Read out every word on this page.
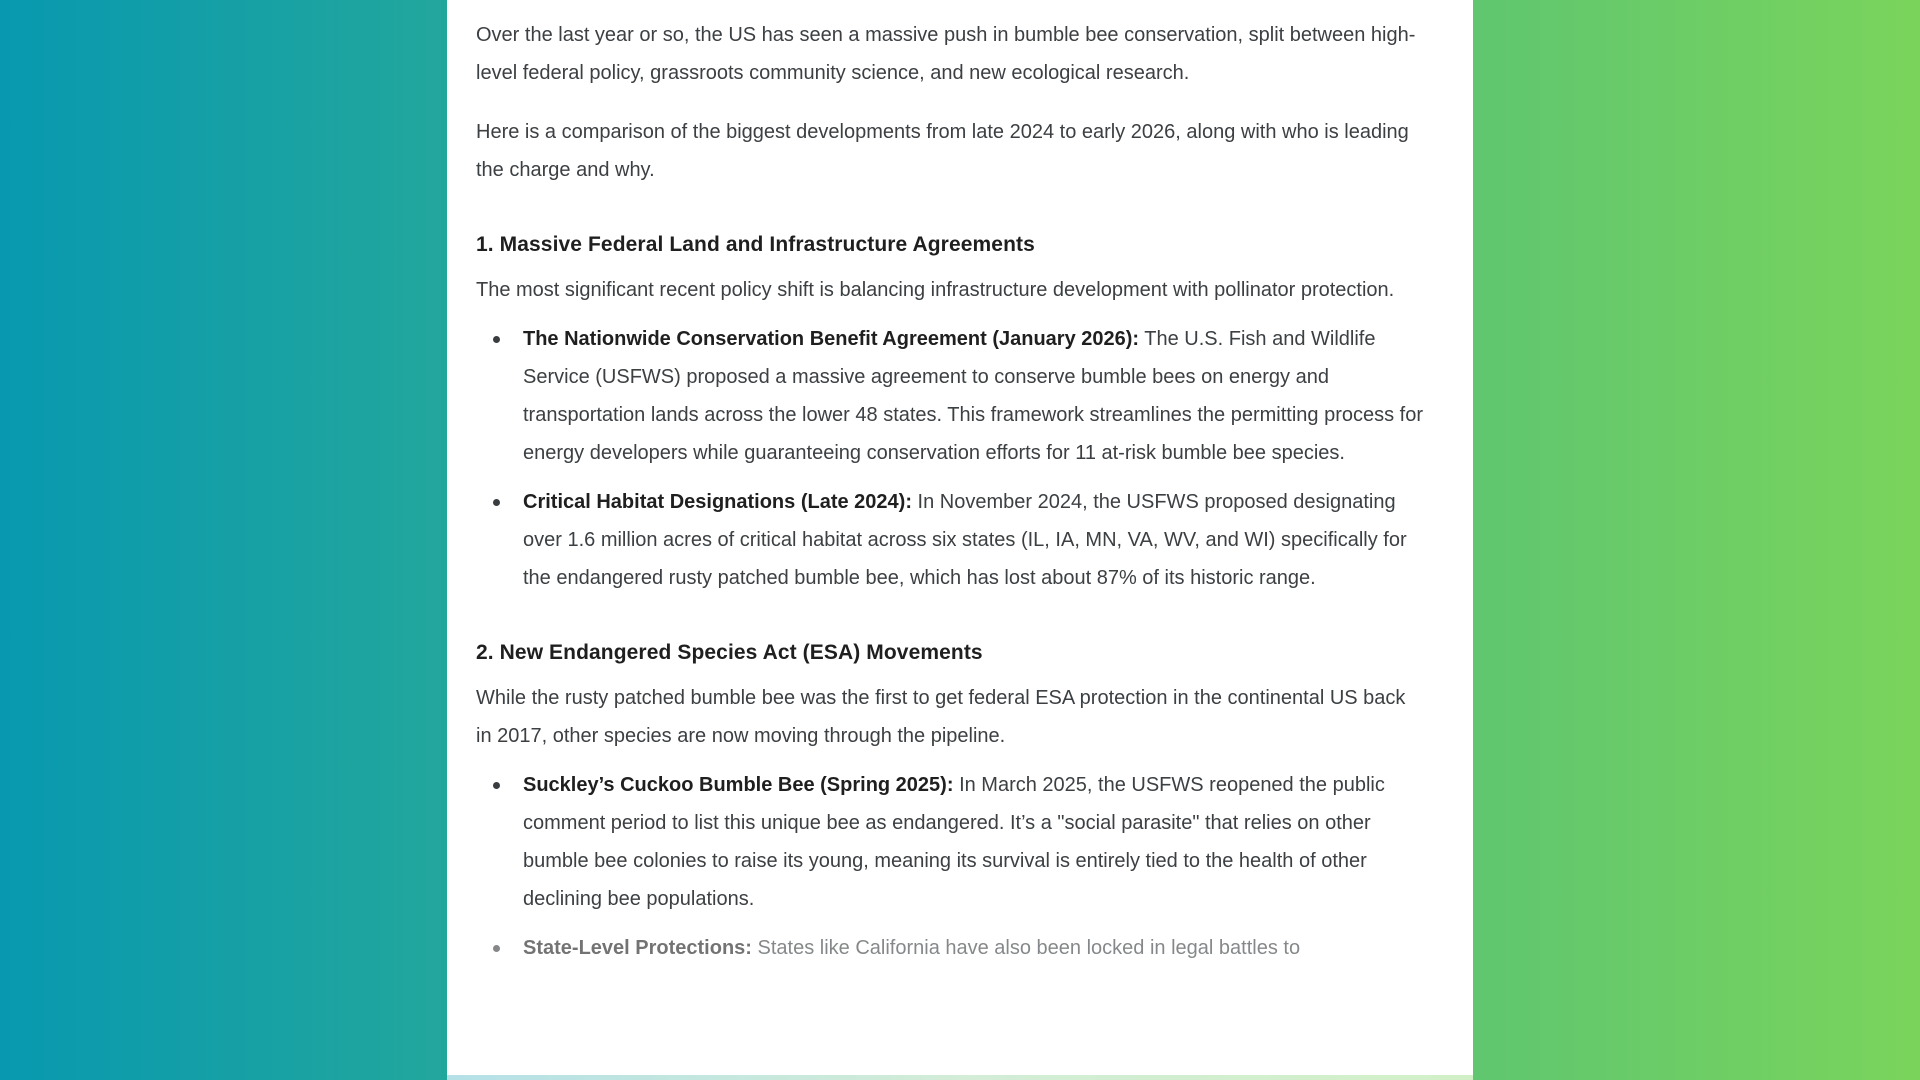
Over the last year or so, the US has seen a massive push in bumble bee conservation, split between high-level federal policy, grassroots community science, and new ecological research.

Here is a comparison of the biggest developments from late 2024 to early 2026, along with who is leading the charge and why.

1. Massive Federal Land and Infrastructure Agreements

The most significant recent policy shift is balancing infrastructure development with pollinator protection.

The Nationwide Conservation Benefit Agreement (January 2026): The U.S. Fish and Wildlife Service (USFWS) proposed a massive agreement to conserve bumble bees on energy and transportation lands across the lower 48 states. This framework streamlines the permitting process for energy developers while guaranteeing conservation efforts for 11 at-risk bumble bee species.
Critical Habitat Designations (Late 2024): In November 2024, the USFWS proposed designating over 1.6 million acres of critical habitat across six states (IL, IA, MN, VA, WV, and WI) specifically for the endangered rusty patched bumble bee, which has lost about 87% of its historic range.
2. New Endangered Species Act (ESA) Movements

While the rusty patched bumble bee was the first to get federal ESA protection in the continental US back in 2017, other species are now moving through the pipeline.

Suckley’s Cuckoo Bumble Bee (Spring 2025): In March 2025, the USFWS reopened the public comment period to list this unique bee as endangered. It’s a "social parasite" that relies on other bumble bee colonies to raise its young, meaning its survival is entirely tied to the health of other declining bee populations.
State-Level Protections: States like California have also been locked in legal battles to
